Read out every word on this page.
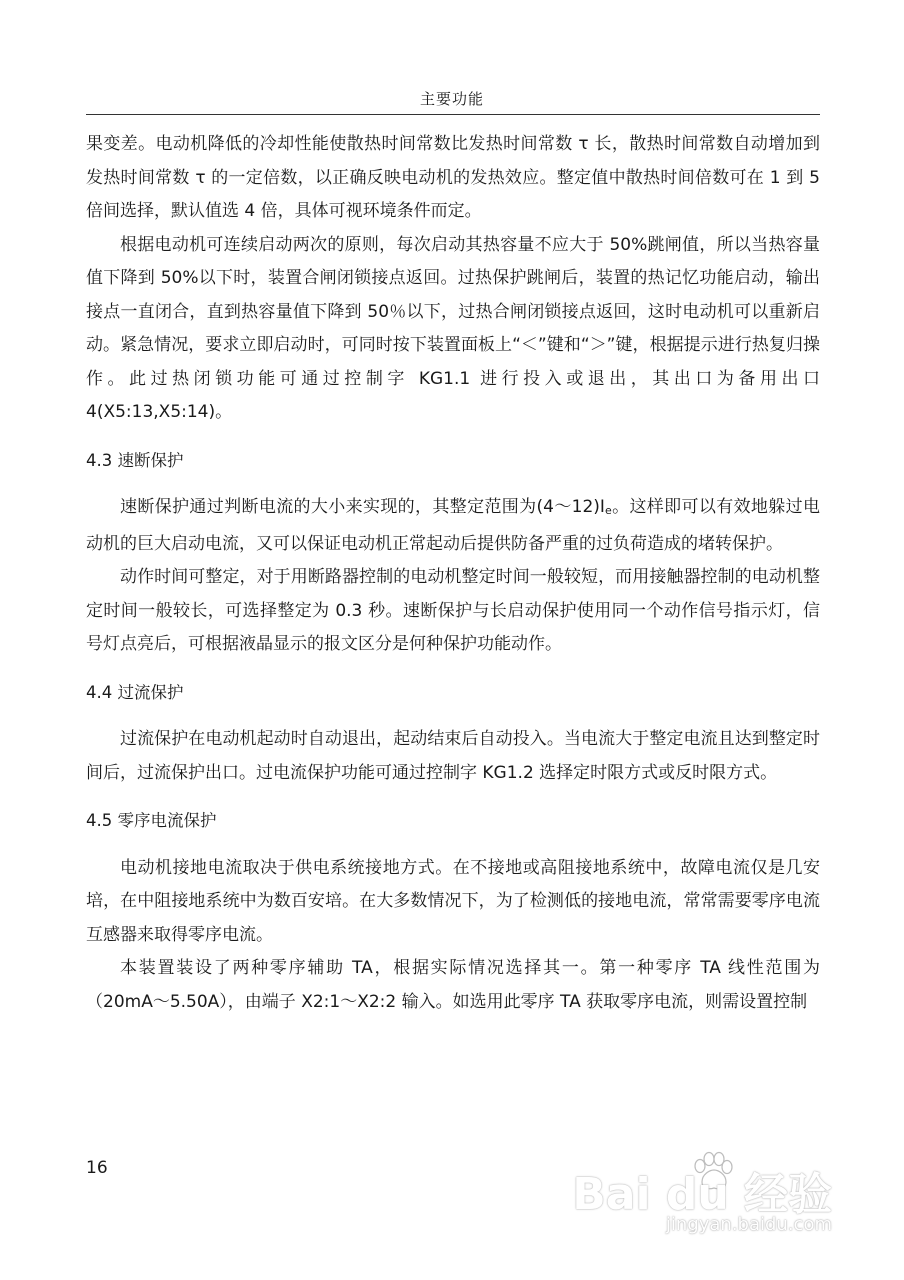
主要功能

果变差。电动机降低的冷却性能使散热时间常数比发热时间常数 τ 长，散热时间常数自动增加到发热时间常数 τ 的一定倍数，以正确反映电动机的发热效应。整定值中散热时间倍数可在 1 到 5 倍间选择，默认值选 4 倍，具体可视环境条件而定。

根据电动机可连续启动两次的原则，每次启动其热容量不应大于 50%跳闸值，所以当热容量值下降到 50%以下时，装置合闸闭锁接点返回。过热保护跳闸后，装置的热记忆功能启动，输出接点一直闭合，直到热容量值下降到 50％以下，过热合闸闭锁接点返回，这时电动机可以重新启动。紧急情况，要求立即启动时，可同时按下装置面板上“＜”键和“＞”键，根据提示进行热复归操作。此过热闭锁功能可通过控制字 KG1.1 进行投入或退出，其出口为备用出口 4(X5:13,X5:14)。

4.3 速断保护

速断保护通过判断电流的大小来实现的，其整定范围为(4～12)Ie。这样即可以有效地躲过电动机的巨大启动电流，又可以保证电动机正常起动后提供防备严重的过负荷造成的堵转保护。

动作时间可整定，对于用断路器控制的电动机整定时间一般较短，而用接触器控制的电动机整定时间一般较长，可选择整定为 0.3 秒。速断保护与长启动保护使用同一个动作信号指示灯，信号灯点亮后，可根据液晶显示的报文区分是何种保护功能动作。

4.4 过流保护

过流保护在电动机起动时自动退出，起动结束后自动投入。当电流大于整定电流且达到整定时间后，过流保护出口。过电流保护功能可通过控制字 KG1.2 选择定时限方式或反时限方式。

4.5 零序电流保护

电动机接地电流取决于供电系统接地方式。在不接地或高阻接地系统中，故障电流仅是几安培，在中阻接地系统中为数百安培。在大多数情况下，为了检测低的接地电流，常常需要零序电流互感器来取得零序电流。

本装置装设了两种零序辅助 TA，根据实际情况选择其一。第一种零序 TA 线性范围为（20mA～5.50A），由端子 X2:1～X2:2 输入。如选用此零序 TA 获取零序电流，则需设置控制

16
Bai du 经验
jingyan.baidu.com
